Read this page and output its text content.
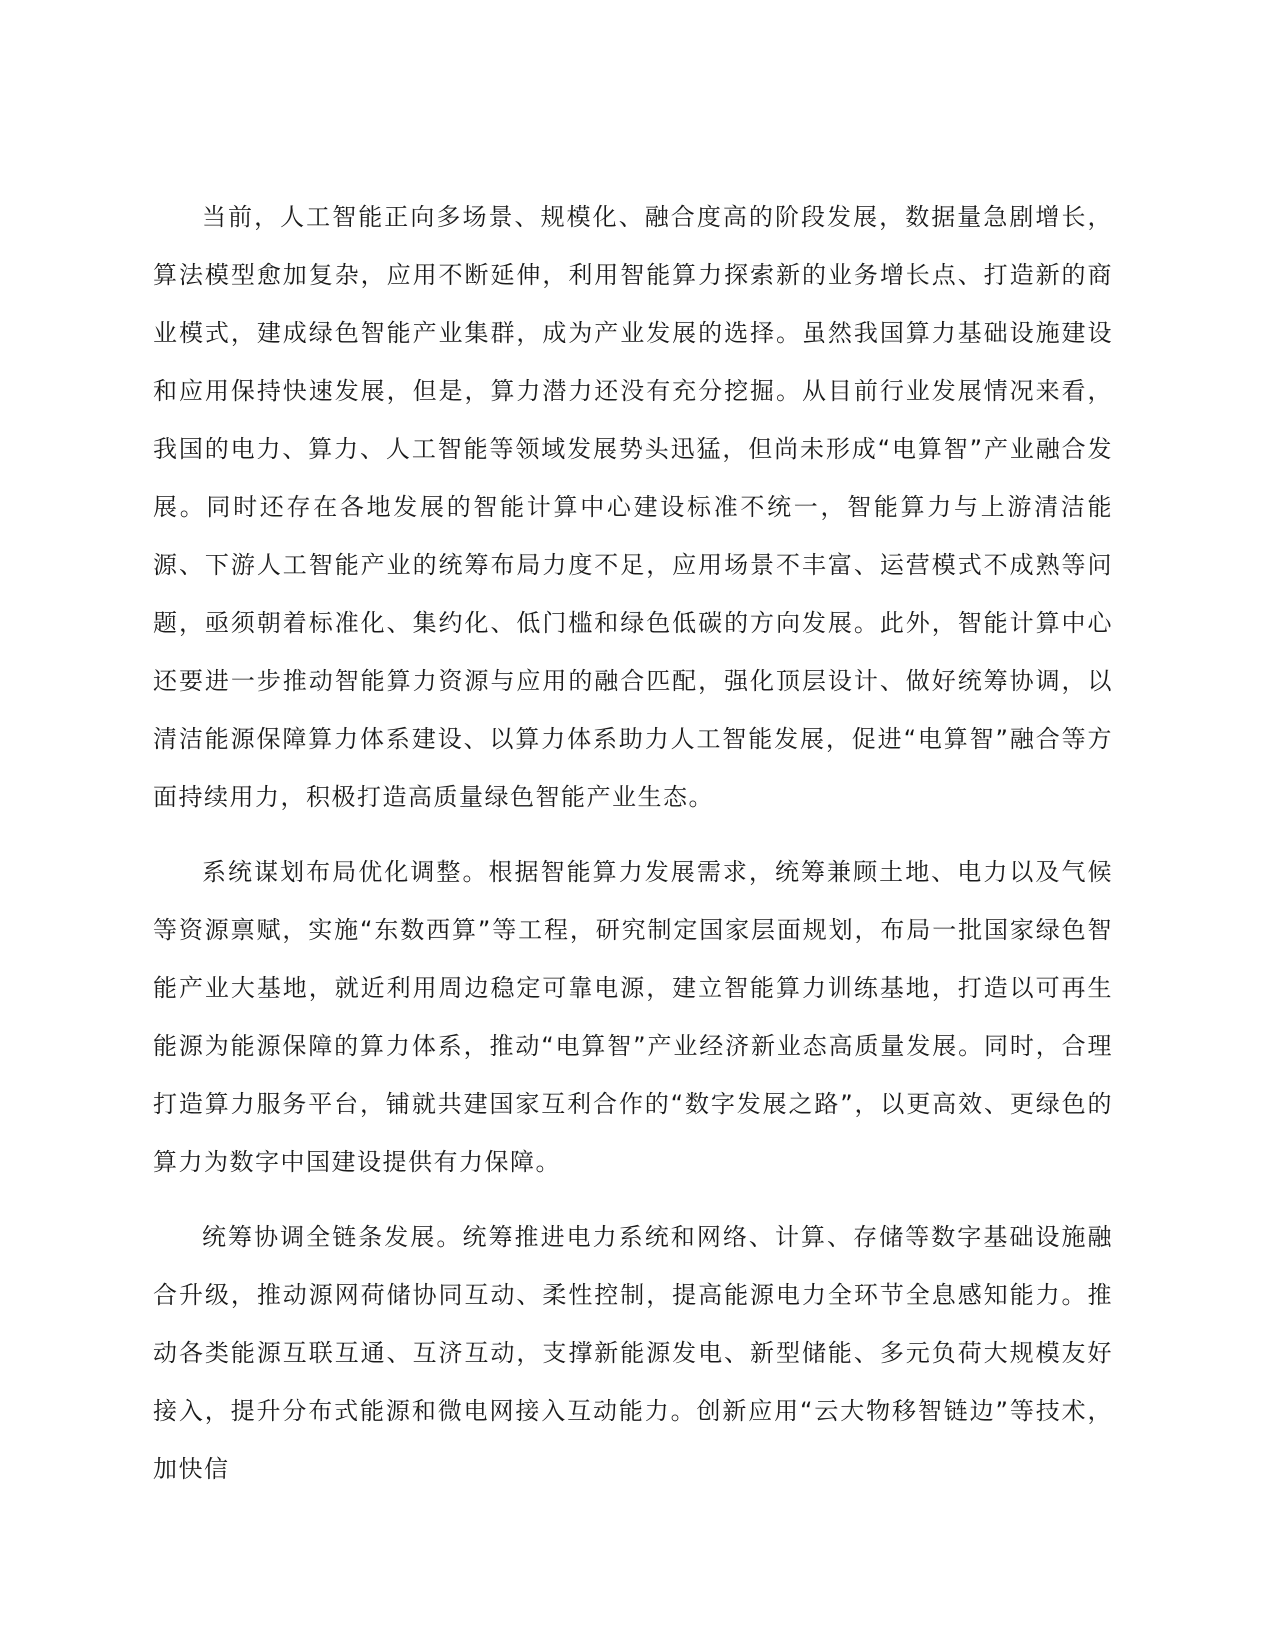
当前，人工智能正向多场景、规模化、融合度高的阶段发展，数据量急剧增长，算法模型愈加复杂，应用不断延伸，利用智能算力探索新的业务增长点、打造新的商业模式，建成绿色智能产业集群，成为产业发展的选择。虽然我国算力基础设施建设和应用保持快速发展，但是，算力潜力还没有充分挖掘。从目前行业发展情况来看，我国的电力、算力、人工智能等领域发展势头迅猛，但尚未形成“电算智”产业融合发展。同时还存在各地发展的智能计算中心建设标准不统一，智能算力与上游清洁能源、下游人工智能产业的统筹布局力度不足，应用场景不丰富、运营模式不成熟等问题，亟须朝着标准化、集约化、低门槛和绿色低碳的方向发展。此外，智能计算中心还要进一步推动智能算力资源与应用的融合匹配，强化顶层设计、做好统筹协调，以清洁能源保障算力体系建设、以算力体系助力人工智能发展，促进“电算智”融合等方面持续用力，积极打造高质量绿色智能产业生态。

系统谋划布局优化调整。根据智能算力发展需求，统筹兼顾土地、电力以及气候等资源禀赋，实施“东数西算”等工程，研究制定国家层面规划，布局一批国家绿色智能产业大基地，就近利用周边稳定可靠电源，建立智能算力训练基地，打造以可再生能源为能源保障的算力体系，推动“电算智”产业经济新业态高质量发展。同时，合理打造算力服务平台，铺就共建国家互利合作的“数字发展之路”，以更高效、更绿色的算力为数字中国建设提供有力保障。

统筹协调全链条发展。统筹推进电力系统和网络、计算、存储等数字基础设施融合升级，推动源网荷储协同互动、柔性控制，提高能源电力全环节全息感知能力。推动各类能源互联互通、互济互动，支撑新能源发电、新型储能、多元负荷大规模友好接入，提升分布式能源和微电网接入互动能力。创新应用“云大物移智链边”等技术，加快信
